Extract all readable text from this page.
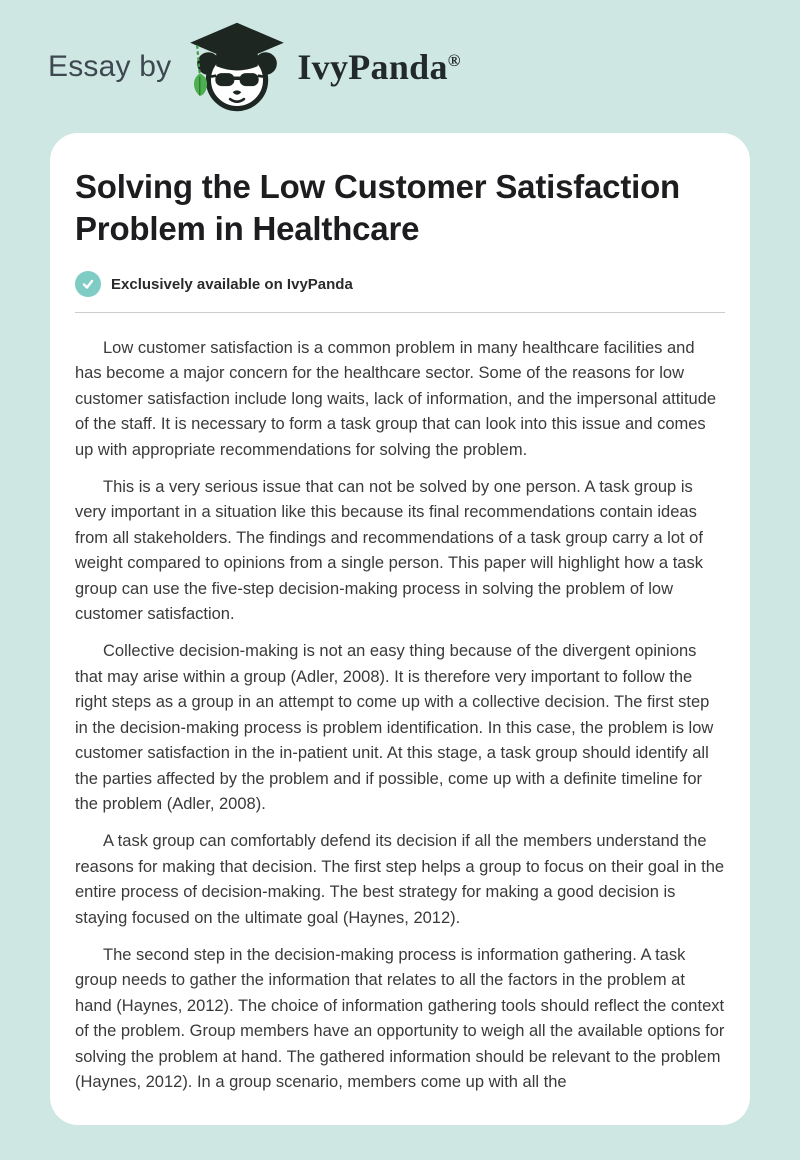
Essay by	IvyPanda®
Solving the Low Customer Satisfaction Problem in Healthcare
Exclusively available on IvyPanda

Low customer satisfaction is a common problem in many healthcare facilities and has become a major concern for the healthcare sector. Some of the reasons for low customer satisfaction include long waits, lack of information, and the impersonal attitude of the staff. It is necessary to form a task group that can look into this issue and comes up with appropriate recommendations for solving the problem.

This is a very serious issue that can not be solved by one person. A task group is very important in a situation like this because its final recommendations contain ideas from all stakeholders. The findings and recommendations of a task group carry a lot of weight compared to opinions from a single person. This paper will highlight how a task group can use the five-step decision-making process in solving the problem of low customer satisfaction.

Collective decision-making is not an easy thing because of the divergent opinions that may arise within a group (Adler, 2008). It is therefore very important to follow the right steps as a group in an attempt to come up with a collective decision. The first step in the decision-making process is problem identification. In this case, the problem is low customer satisfaction in the in-patient unit. At this stage, a task group should identify all the parties affected by the problem and if possible, come up with a definite timeline for the problem (Adler, 2008).

A task group can comfortably defend its decision if all the members understand the reasons for making that decision. The first step helps a group to focus on their goal in the entire process of decision-making. The best strategy for making a good decision is staying focused on the ultimate goal (Haynes, 2012).

The second step in the decision-making process is information gathering. A task group needs to gather the information that relates to all the factors in the problem at hand (Haynes, 2012). The choice of information gathering tools should reflect the context of the problem. Group members have an opportunity to weigh all the available options for solving the problem at hand. The gathered information should be relevant to the problem (Haynes, 2012). In a group scenario, members come up with all the
